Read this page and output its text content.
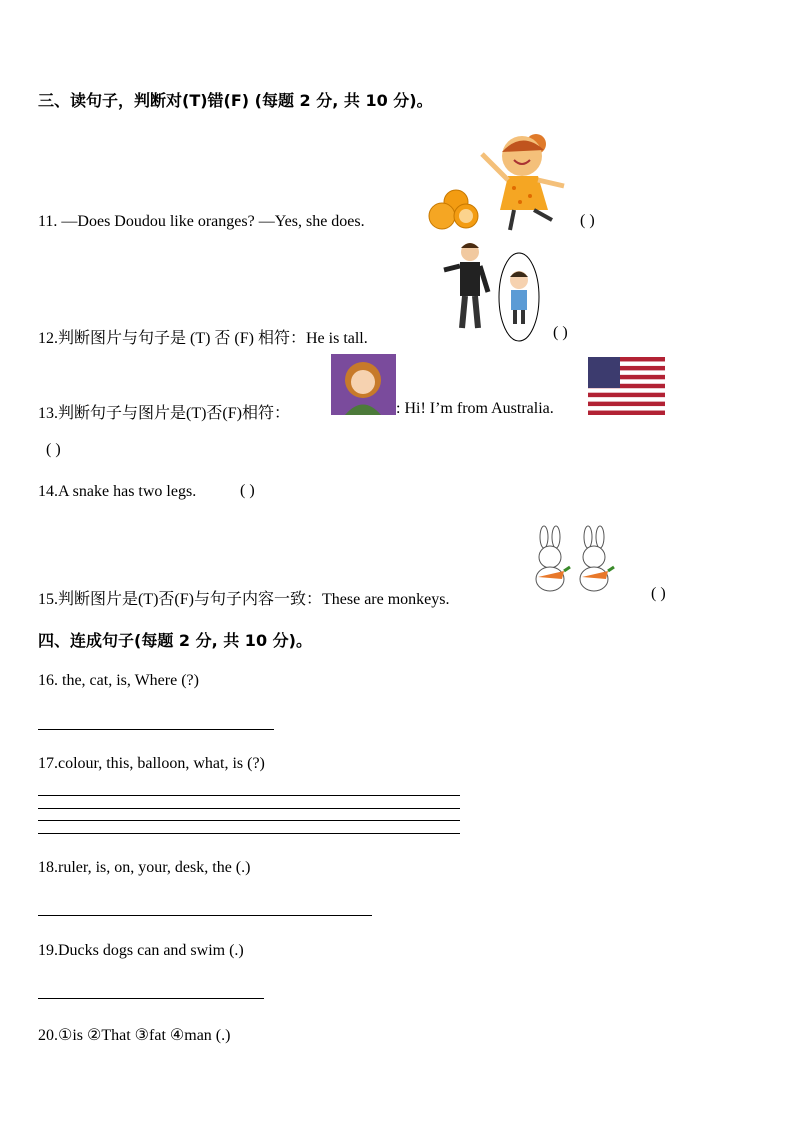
三、读句子，判断对(T)错(F) (每题 2 分, 共 10 分)。
11. —Does Doudou like oranges? —Yes, she does.	( )
12.判断图片与句子是 (T) 否 (F) 相符：He is tall.	( )
13.判断句子与图片是(T)否(F)相符：	: Hi! I’m from Australia.
( )
14.A snake has two legs.	( )
15.判断图片是(T)否(F)与句子内容一致：These are monkeys.	( )
四、连成句子(每题 2 分, 共 10 分)。
16. the, cat, is, Where (?)
17.colour, this, balloon, what, is (?)
18.ruler, is, on, your, desk, the (.)
19.Ducks dogs can and swim (.)
20.①is ②That ③fat ④man (.)
